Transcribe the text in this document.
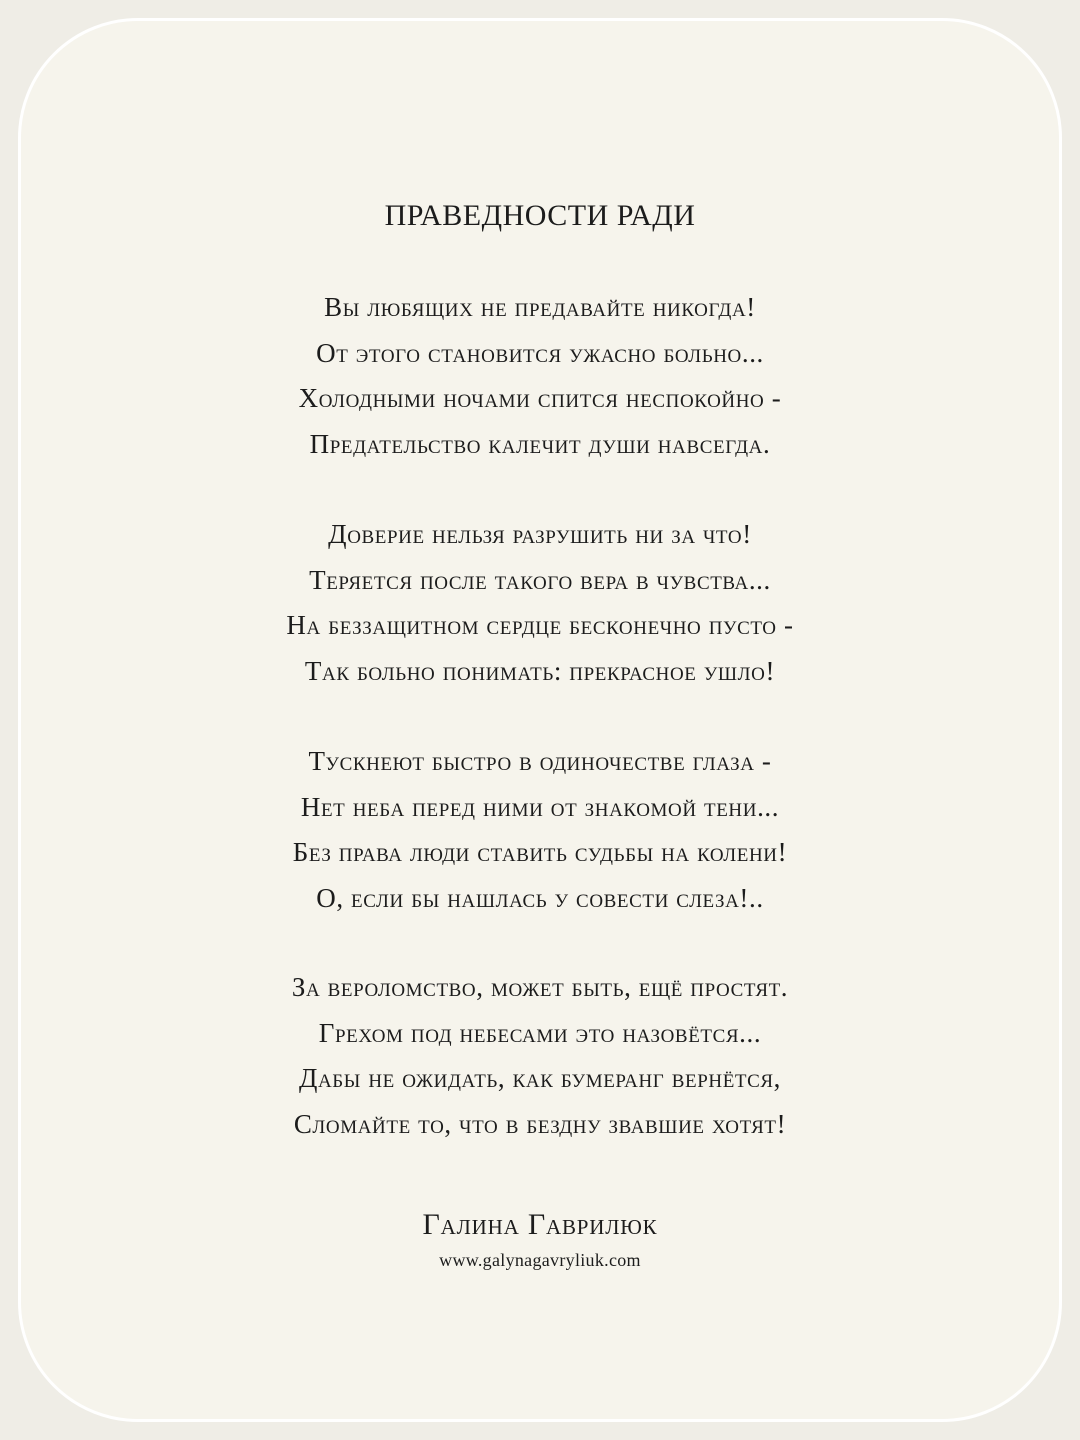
ПРАВЕДНОСТИ РАДИ
Вы любящих не предавайте никогда!
От этого становится ужасно больно...
Холодными ночами спится неспокойно -
Предательство калечит души навсегда.
Доверие нельзя разрушить ни за что!
Теряется после такого вера в чувства...
На беззащитном сердце бесконечно пусто -
Так больно понимать: прекрасное ушло!
Тускнеют быстро в одиночестве глаза -
Нет неба перед ними от знакомой тени...
Без права люди ставить судьбы на колени!
О, если бы нашлась у совести слеза!..
За вероломство, может быть, ещё простят.
Грехом под небесами это назовётся...
Дабы не ожидать, как бумеранг вернётся,
Сломайте то, что в бездну звавшие хотят!
Галина Гаврилюк
www.galynagavryliuk.com
